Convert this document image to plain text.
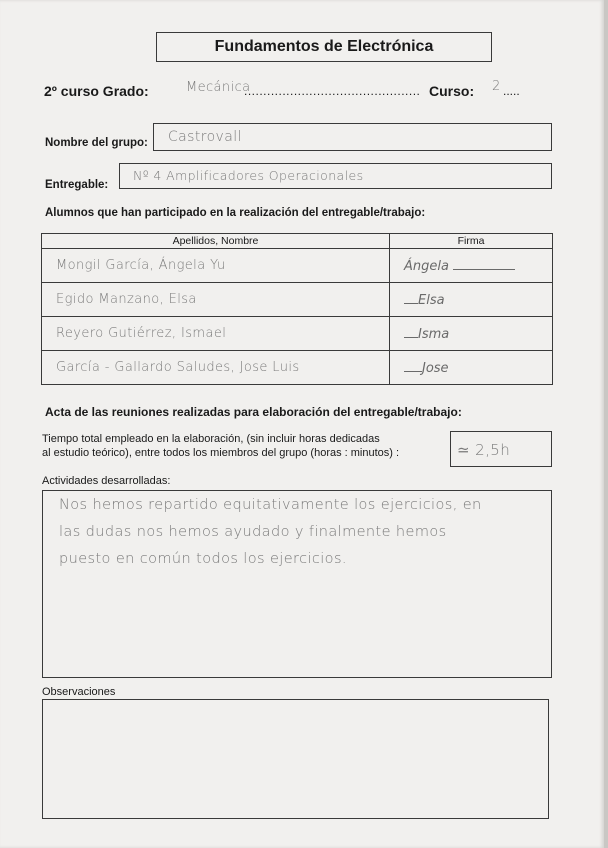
Fundamentos de Electrónica
2º curso Grado:	Mecánica
.............................................. Curso: 2 .....
Nombre del grupo: Castrovall
Entregable:
Nº 4 Amplificadores Operacionales
Alumnos que han participado en la realización del entregable/trabajo:
Apellidos, Nombre	Firma
Mongil García, Ángela Yu	Ángela
Egido Manzano, Elsa	Elsa
Reyero Gutiérrez, Ismael	Isma
García - Gallardo Saludes, Jose Luis	Jose
Acta de las reuniones realizadas para elaboración del entregable/trabajo:
Tiempo total empleado en la elaboración, (sin incluir horas dedicadas
al estudio teórico), entre todos los miembros del grupo (horas : minutos) :	≃ 2,5h
Actividades desarrolladas:
Nos hemos repartido equitativamente los ejercicios, en
las dudas nos hemos ayudado y finalmente hemos
puesto en común todos los ejercicios.
Observaciones
